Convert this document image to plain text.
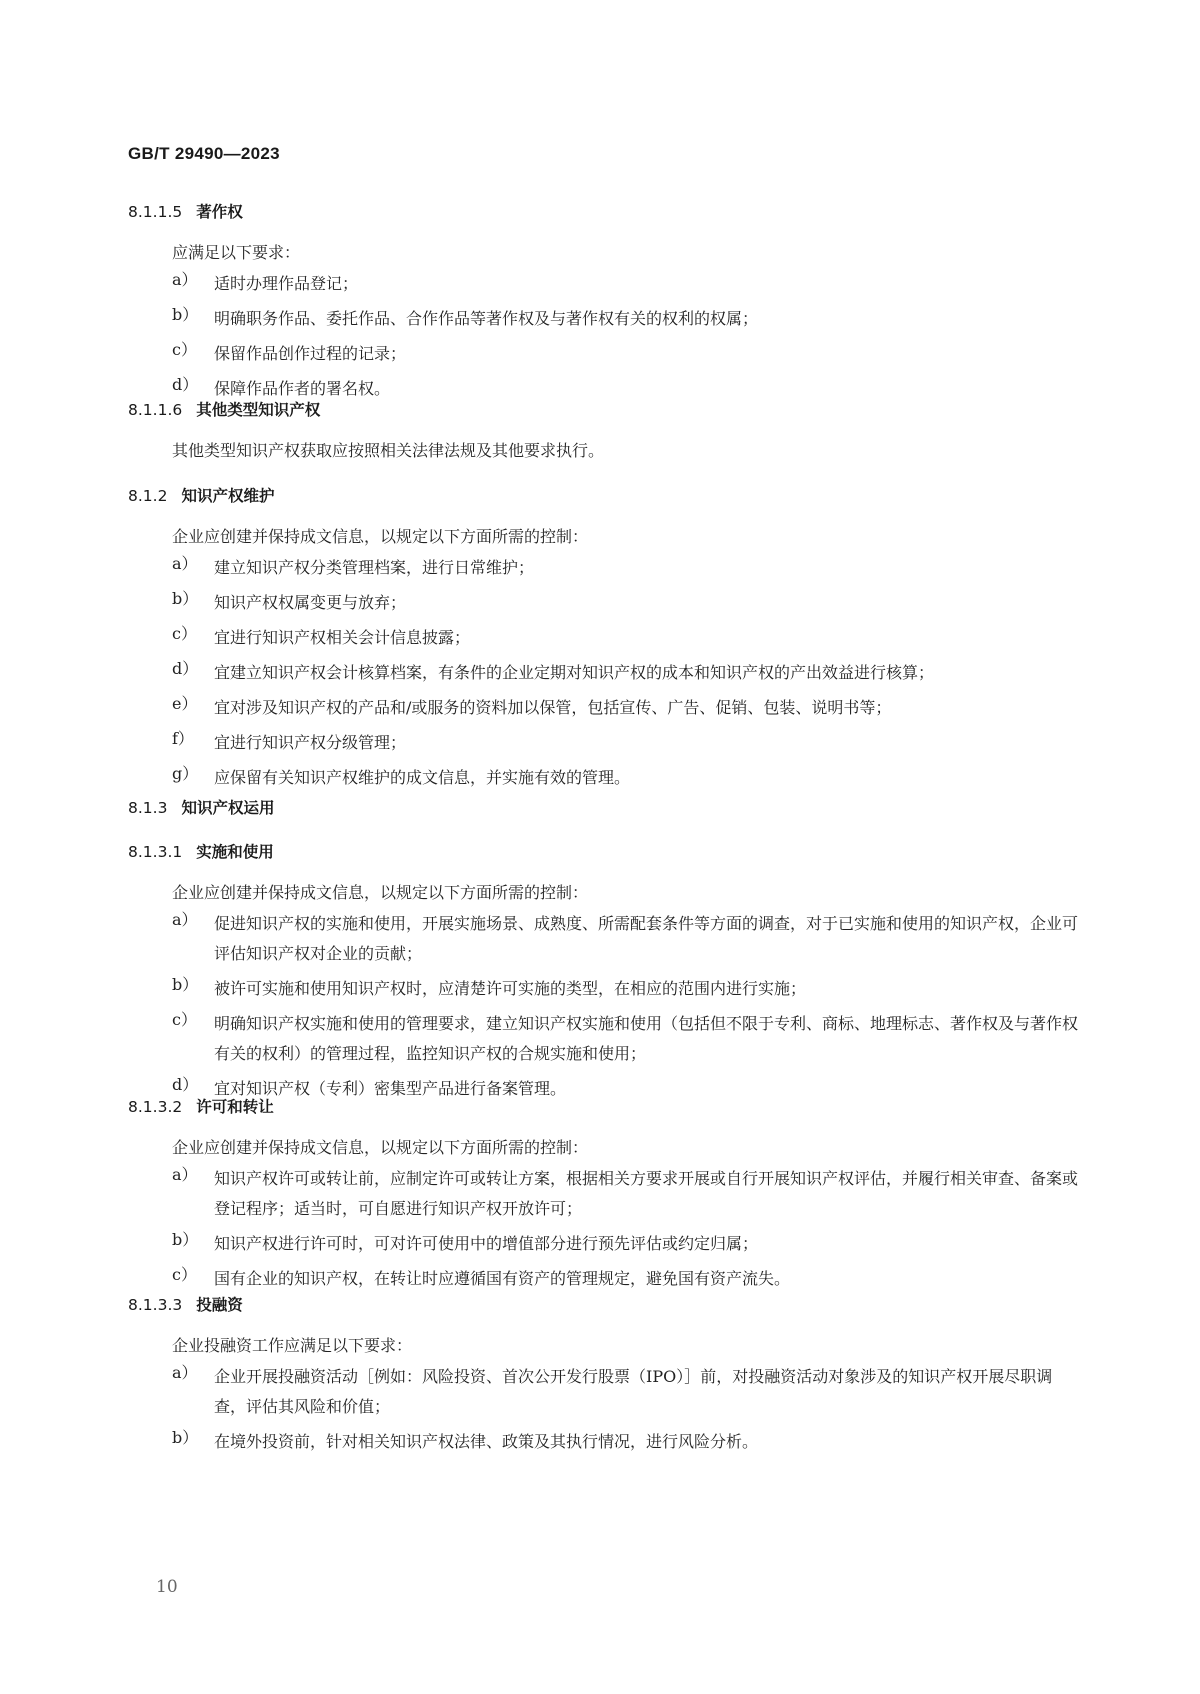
GB/T 29490—2023
8.1.1.5 著作权
应满足以下要求：
a） 适时办理作品登记；
b） 明确职务作品、委托作品、合作作品等著作权及与著作权有关的权利的权属；
c） 保留作品创作过程的记录；
d） 保障作品作者的署名权。
8.1.1.6 其他类型知识产权
其他类型知识产权获取应按照相关法律法规及其他要求执行。
8.1.2 知识产权维护
企业应创建并保持成文信息，以规定以下方面所需的控制：
a） 建立知识产权分类管理档案，进行日常维护；
b） 知识产权权属变更与放弃；
c） 宜进行知识产权相关会计信息披露；
d） 宜建立知识产权会计核算档案，有条件的企业定期对知识产权的成本和知识产权的产出效益进行核算；
e） 宜对涉及知识产权的产品和/或服务的资料加以保管，包括宣传、广告、促销、包装、说明书等；
f） 宜进行知识产权分级管理；
g） 应保留有关知识产权维护的成文信息，并实施有效的管理。
8.1.3 知识产权运用
8.1.3.1 实施和使用
企业应创建并保持成文信息，以规定以下方面所需的控制：
a） 促进知识产权的实施和使用，开展实施场景、成熟度、所需配套条件等方面的调查，对于已实施和使用的知识产权，企业可评估知识产权对企业的贡献；
b） 被许可实施和使用知识产权时，应清楚许可实施的类型，在相应的范围内进行实施；
c） 明确知识产权实施和使用的管理要求，建立知识产权实施和使用（包括但不限于专利、商标、地理标志、著作权及与著作权有关的权利）的管理过程，监控知识产权的合规实施和使用；
d） 宜对知识产权（专利）密集型产品进行备案管理。
8.1.3.2 许可和转让
企业应创建并保持成文信息，以规定以下方面所需的控制：
a） 知识产权许可或转让前，应制定许可或转让方案，根据相关方要求开展或自行开展知识产权评估，并履行相关审查、备案或登记程序；适当时，可自愿进行知识产权开放许可；
b） 知识产权进行许可时，可对许可使用中的增值部分进行预先评估或约定归属；
c） 国有企业的知识产权，在转让时应遵循国有资产的管理规定，避免国有资产流失。
8.1.3.3 投融资
企业投融资工作应满足以下要求：
a） 企业开展投融资活动［例如：风险投资、首次公开发行股票（IPO）］前，对投融资活动对象涉及的知识产权开展尽职调查，评估其风险和价值；
b） 在境外投资前，针对相关知识产权法律、政策及其执行情况，进行风险分析。
10
